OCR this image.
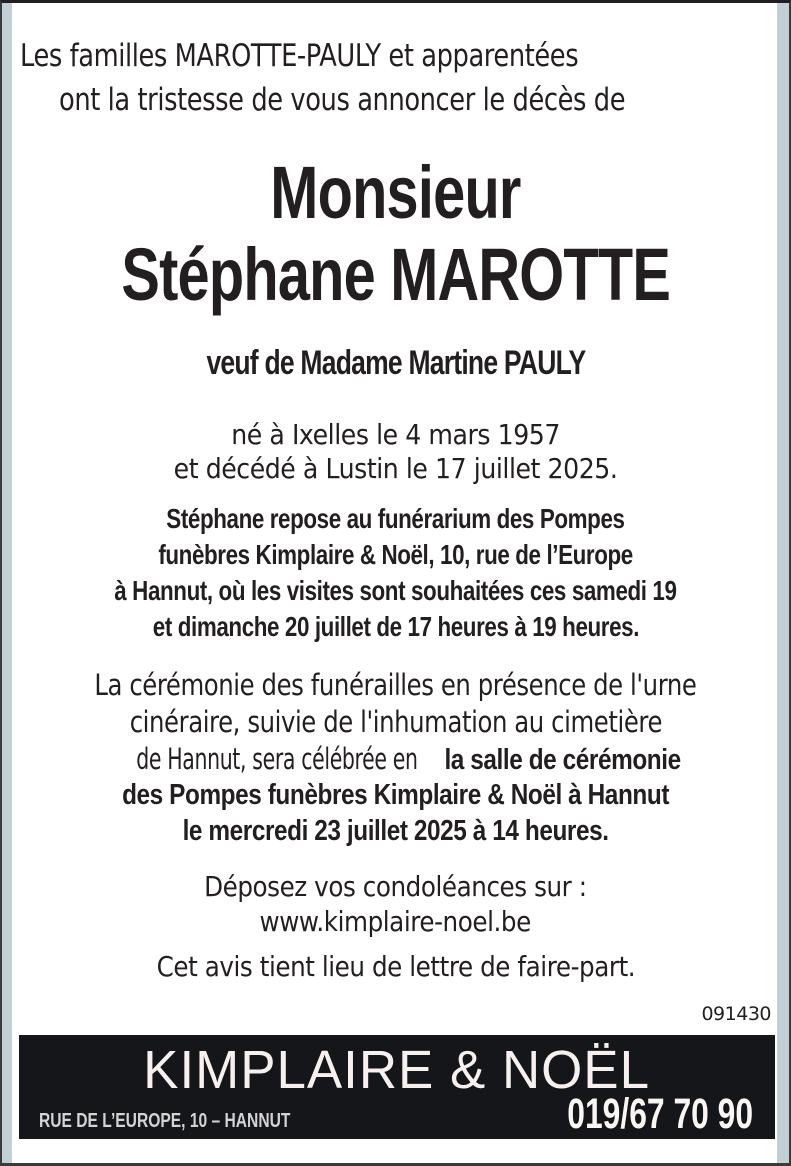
Les familles MAROTTE-PAULY et apparentées
ont la tristesse de vous annoncer le décès de
Monsieur
Stéphane MAROTTE
veuf de Madame Martine PAULY
né à Ixelles le 4 mars 1957
et décédé à Lustin le 17 juillet 2025.
Stéphane repose au funérarium des Pompes
funèbres Kimplaire & Noël, 10, rue de l’Europe
à Hannut, où les visites sont souhaitées ces samedi 19
et dimanche 20 juillet de 17 heures à 19 heures.
La cérémonie des funérailles en présence de l'urne
cinéraire, suivie de l'inhumation au cimetière
de Hannut, sera célébrée enla salle de cérémonie
des Pompes funèbres Kimplaire & Noël à Hannut
le mercredi 23 juillet 2025 à 14 heures.
Déposez vos condoléances sur :
www.kimplaire-noel.be
Cet avis tient lieu de lettre de faire-part.
091430
KIMPLAIRE & NOËL
RUE DE L’EUROPE, 10 – HANNUT	019/67 70 90
